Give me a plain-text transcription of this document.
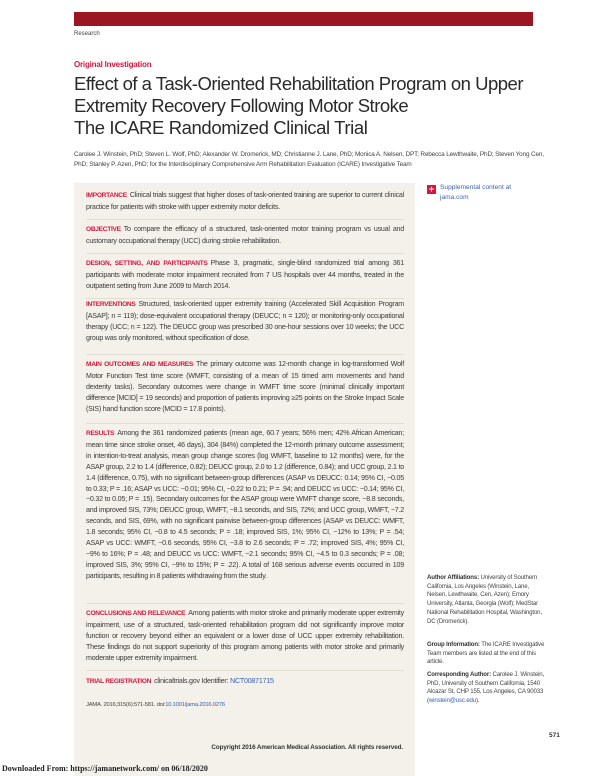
Research
Original Investigation
Effect of a Task-Oriented Rehabilitation Program on Upper Extremity Recovery Following Motor Stroke
The ICARE Randomized Clinical Trial
Carolee J. Winstein, PhD; Steven L. Wolf, PhD; Alexander W. Dromerick, MD; Christianne J. Lane, PhD; Monica A. Nelsen, DPT; Rebecca Lewthwaite, PhD; Steven Yong Cen, PhD; Stanley P. Azen, PhD; for the Interdisciplinary Comprehensive Arm Rehabilitation Evaluation (ICARE) Investigative Team
IMPORTANCE Clinical trials suggest that higher doses of task-oriented training are superior to current clinical practice for patients with stroke with upper extremity motor deficits.
OBJECTIVE To compare the efficacy of a structured, task-oriented motor training program vs usual and customary occupational therapy (UCC) during stroke rehabilitation.
DESIGN, SETTING, AND PARTICIPANTS Phase 3, pragmatic, single-blind randomized trial among 361 participants with moderate motor impairment recruited from 7 US hospitals over 44 months, treated in the outpatient setting from June 2009 to March 2014.
INTERVENTIONS Structured, task-oriented upper extremity training (Accelerated Skill Acquisition Program [ASAP]; n = 119); dose-equivalent occupational therapy (DEUCC; n = 120); or monitoring-only occupational therapy (UCC; n = 122). The DEUCC group was prescribed 30 one-hour sessions over 10 weeks; the UCC group was only monitored, without specification of dose.
MAIN OUTCOMES AND MEASURES The primary outcome was 12-month change in log-transformed Wolf Motor Function Test time score (WMFT, consisting of a mean of 15 timed arm movements and hand dexterity tasks). Secondary outcomes were change in WMFT time score (minimal clinically important difference [MCID] = 19 seconds) and proportion of patients improving ≥25 points on the Stroke Impact Scale (SIS) hand function score (MCID = 17.8 points).
RESULTS Among the 361 randomized patients (mean age, 60.7 years; 56% men; 42% African American; mean time since stroke onset, 46 days), 304 (84%) completed the 12-month primary outcome assessment; in intention-to-treat analysis, mean group change scores (log WMFT, baseline to 12 months) were, for the ASAP group, 2.2 to 1.4 (difference, 0.82); DEUCC group, 2.0 to 1.2 (difference, 0.84); and UCC group, 2.1 to 1.4 (difference, 0.75), with no significant between-group differences (ASAP vs DEUCC: 0.14; 95% CI, −0.05 to 0.33; P = .16; ASAP vs UCC: −0.01; 95% CI, −0.22 to 0.21; P = .94; and DEUCC vs UCC: −0.14; 95% CI, −0.32 to 0.05; P = .15). Secondary outcomes for the ASAP group were WMFT change score, −8.8 seconds, and improved SIS, 73%; DEUCC group, WMFT, −8.1 seconds, and SIS, 72%; and UCC group, WMFT, −7.2 seconds, and SIS, 69%, with no significant pairwise between-group differences (ASAP vs DEUCC: WMFT, 1.8 seconds; 95% CI, −0.8 to 4.5 seconds; P = .18; improved SIS, 1%; 95% CI, −12% to 13%; P = .54; ASAP vs UCC: WMFT, −0.6 seconds, 95% CI, −3.8 to 2.6 seconds; P = .72; improved SIS, 4%; 95% CI, −9% to 16%; P = .48; and DEUCC vs UCC: WMFT, −2.1 seconds; 95% CI, −4.5 to 0.3 seconds; P = .08; improved SIS, 3%; 95% CI, −9% to 15%; P = .22). A total of 168 serious adverse events occurred in 109 participants, resulting in 8 patients withdrawing from the study.
CONCLUSIONS AND RELEVANCE Among patients with motor stroke and primarily moderate upper extremity impairment, use of a structured, task-oriented rehabilitation program did not significantly improve motor function or recovery beyond either an equivalent or a lower dose of UCC upper extremity rehabilitation. These findings do not support superiority of this program among patients with motor stroke and primarily moderate upper extremity impairment.
TRIAL REGISTRATION clinicaltrials.gov Identifier: NCT00871715
JAMA. 2016;315(6):571-581. doi:10.1001/jama.2016.0276
+ Supplemental content at jama.com
Author Affiliations: University of Southern California, Los Angeles (Winstein, Lane, Nelsen, Lewthwaite, Cen, Azen); Emory University, Atlanta, Georgia (Wolf); MedStar National Rehabilitation Hospital, Washington, DC (Dromerick).
Group Information: The ICARE Investigative Team members are listed at the end of this article.
Corresponding Author: Carolee J. Winstein, PhD, University of Southern California, 1540 Alcazar St, CHP 155, Los Angeles, CA 90033 (winstein@usc.edu).
571
Copyright 2016 American Medical Association. All rights reserved.
Downloaded From: https://jamanetwork.com/ on 06/18/2020
